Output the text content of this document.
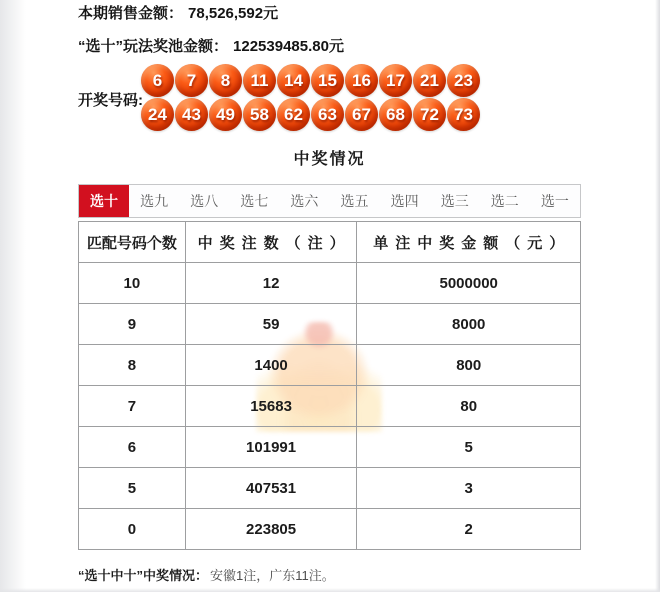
本期销售金额： 78,526,592元
“选十”玩法奖池金额： 122539485.80元
开奖号码:
6	7	8	11 14 15 16 17 21 23
24 43 49 58 62 63 67 68 72 73
中奖情况
选十	选九	选八	选七	选六	选五	选四	选三	选二	选一
匹配号码个数	中奖注数（注）	单注中奖金额（元）
10	12	5000000
9	59	8000
8	1400	800
7	15683	80
6	101991	5
5	407531	3
0	223805	2
“选十中十”中奖情况： 安徽1注，广东11注。
